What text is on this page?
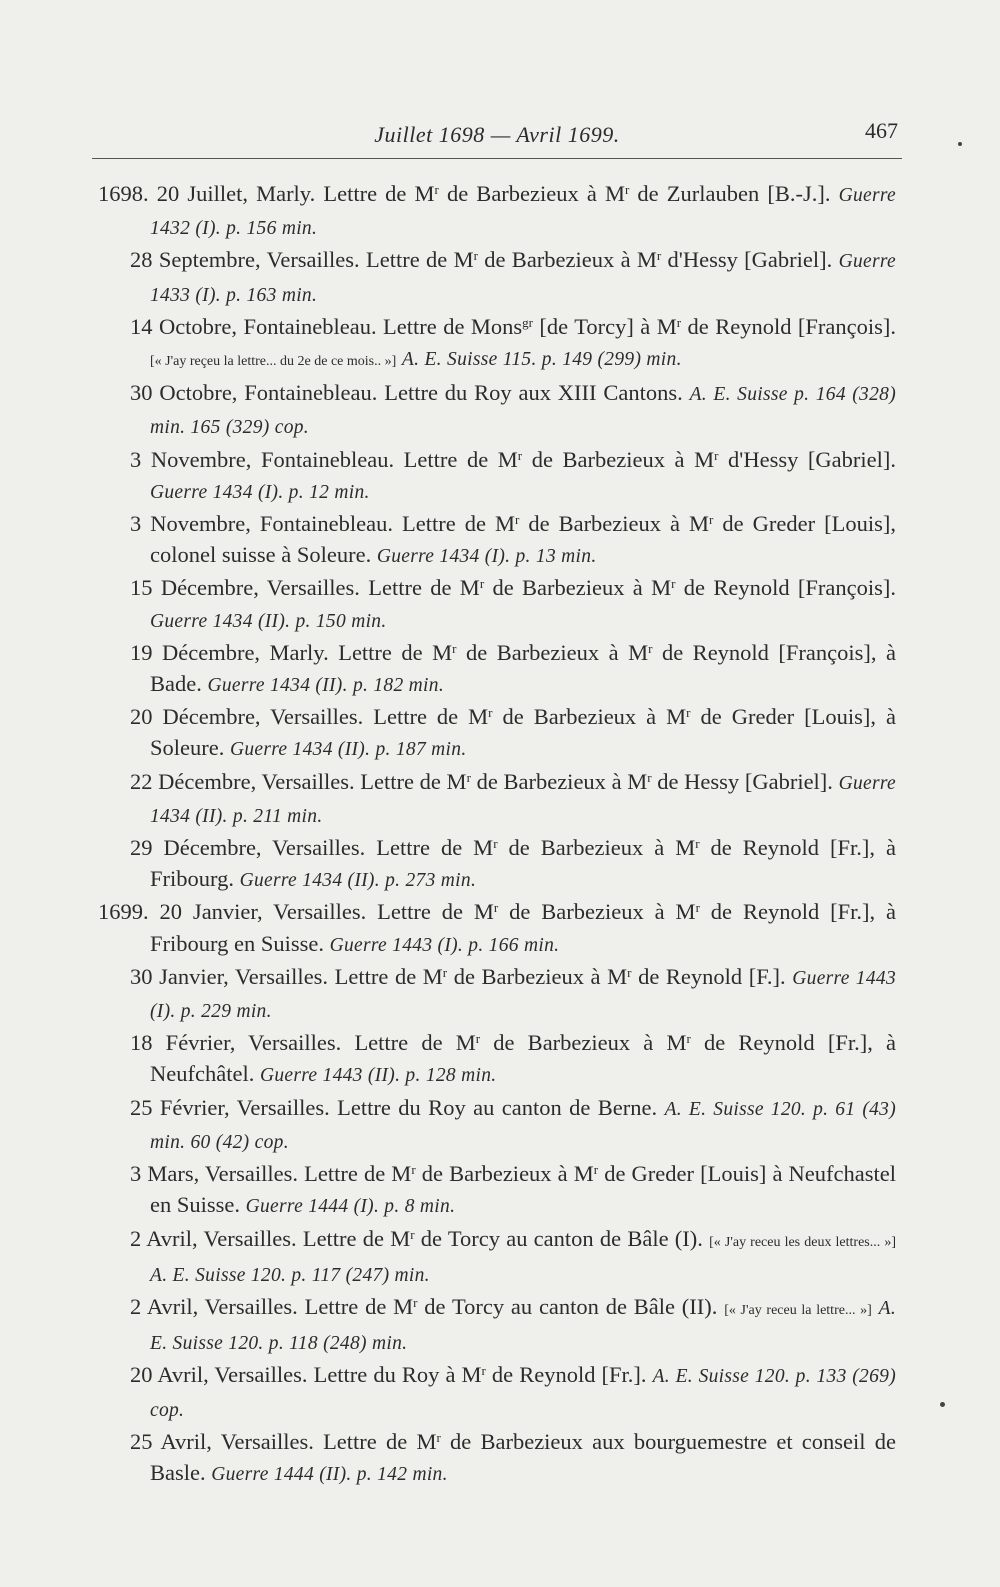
Juillet 1698 — Avril 1699.	467

1698. 20 Juillet, Marly. Lettre de $M^r$ de Barbezieux à $M^r$ de Zurlauben [B.-J.]. Guerre 1432 (I). p. 156 min.

28 Septembre, Versailles. Lettre de $M^r$ de Barbezieux à $M^r$ d'Hessy [Gabriel]. Guerre 1433 (I). p. 163 min.

14 Octobre, Fontainebleau. Lettre de Mons$^{gr}$ [de Torcy] à $M^r$ de Reynold [François]. [« J'ay reçeu la lettre... du 2e de ce mois.. »] A. E. Suisse 115. p. 149 (299) min.

30 Octobre, Fontainebleau. Lettre du Roy aux XIII Cantons. A. E. Suisse p. 164 (328) min. 165 (329) cop.

3 Novembre, Fontainebleau. Lettre de $M^r$ de Barbezieux à $M^r$ d'Hessy [Gabriel]. Guerre 1434 (I). p. 12 min.

3 Novembre, Fontainebleau. Lettre de $M^r$ de Barbezieux à $M^r$ de Greder [Louis], colonel suisse à Soleure. Guerre 1434 (I). p. 13 min.

15 Décembre, Versailles. Lettre de $M^r$ de Barbezieux à $M^r$ de Reynold [François]. Guerre 1434 (II). p. 150 min.

19 Décembre, Marly. Lettre de $M^r$ de Barbezieux à $M^r$ de Reynold [François], à Bade. Guerre 1434 (II). p. 182 min.

20 Décembre, Versailles. Lettre de $M^r$ de Barbezieux à $M^r$ de Greder [Louis], à Soleure. Guerre 1434 (II). p. 187 min.

22 Décembre, Versailles. Lettre de $M^r$ de Barbezieux à $M^r$ de Hessy [Gabriel]. Guerre 1434 (II). p. 211 min.

29 Décembre, Versailles. Lettre de $M^r$ de Barbezieux à $M^r$ de Reynold [Fr.], à Fribourg. Guerre 1434 (II). p. 273 min.

1699. 20 Janvier, Versailles. Lettre de $M^r$ de Barbezieux à $M^r$ de Reynold [Fr.], à Fribourg en Suisse. Guerre 1443 (I). p. 166 min.

30 Janvier, Versailles. Lettre de $M^r$ de Barbezieux à $M^r$ de Reynold [F.]. Guerre 1443 (I). p. 229 min.

18 Février, Versailles. Lettre de $M^r$ de Barbezieux à $M^r$ de Reynold [Fr.], à Neufchâtel. Guerre 1443 (II). p. 128 min.

25 Février, Versailles. Lettre du Roy au canton de Berne. A. E. Suisse 120. p. 61 (43) min. 60 (42) cop.

3 Mars, Versailles. Lettre de $M^r$ de Barbezieux à $M^r$ de Greder [Louis] à Neufchastel en Suisse. Guerre 1444 (I). p. 8 min.

2 Avril, Versailles. Lettre de $M^r$ de Torcy au canton de Bâle (I). [« J'ay receu les deux lettres... »] A. E. Suisse 120. p. 117 (247) min.

2 Avril, Versailles. Lettre de $M^r$ de Torcy au canton de Bâle (II). [« J'ay receu la lettre... »] A. E. Suisse 120. p. 118 (248) min.

20 Avril, Versailles. Lettre du Roy à $M^r$ de Reynold [Fr.]. A. E. Suisse 120. p. 133 (269) cop.

25 Avril, Versailles. Lettre de $M^r$ de Barbezieux aux bourguemestre et conseil de Basle. Guerre 1444 (II). p. 142 min.
